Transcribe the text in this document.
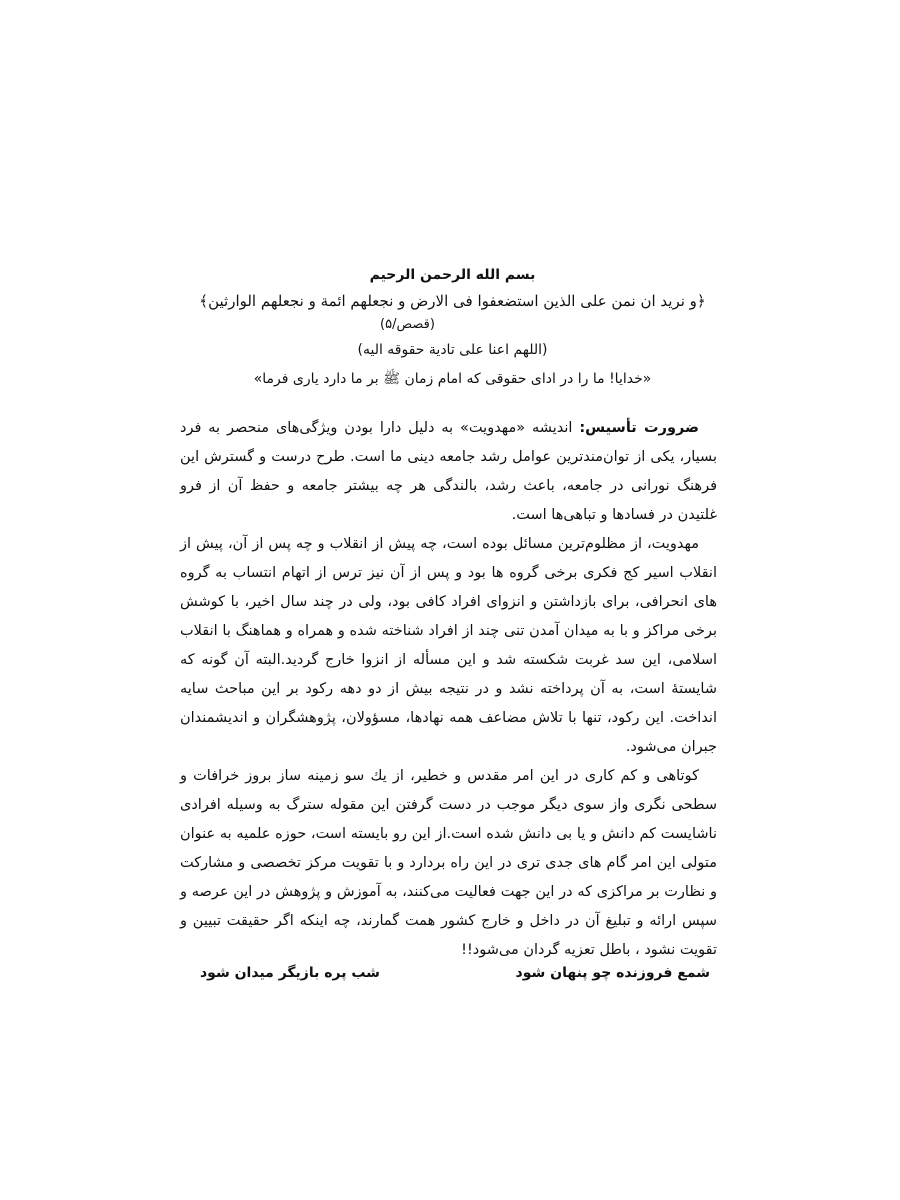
بسم الله الرحمن الرحيم
﴿و نريد ان نمن على الذين استضعفوا فى الارض و نجعلهم ائمة و نجعلهم الوارثين﴾
(قصص/۵)
(اللهم اعنا على تادية حقوقه اليه)
«خدايا! ما را در اداى حقوقى كه امام زمان ﷺ بر ما دارد يارى فرما»

ضرورت تأسيس: انديشه «مهدويت» به دليل دارا بودن ويژگى‌هاى منحصر به فرد بسيار، يكى از توان‌مندترين عوامل رشد جامعه دينى ما است. طرح درست و گسترش اين فرهنگ نورانى در جامعه، باعث رشد، بالندگى هر چه بيشتر جامعه و حفظ آن از فرو غلتيدن در فسادها و تباهى‌ها است.

مهدويت، از مظلوم‌ترين مسائل بوده است، چه پيش از انقلاب و چه پس از آن، پيش از انقلاب اسير كج فكرى برخى گروه ها بود و پس از آن نيز ترس از اتهام انتساب به گروه هاى انحرافى، براى بازداشتن و انزواى افراد كافى بود، ولى در چند سال اخير، با كوشش برخى مراكز و با به ميدان آمدن تنى چند از افراد شناخته شده و همراه و هماهنگ با انقلاب اسلامى، اين سد غربت شكسته شد و اين مسأله از انزوا خارج گرديد.البته آن گونه كه شايستهٔ است، به آن پرداخته نشد و در نتيجه بيش از دو دهه ركود بر اين مباحث سايه انداخت. اين ركود، تنها با تلاش مضاعف همه نهادها، مسؤولان، پژوهشگران و انديشمندان جبران مى‌شود.

كوتاهى و كم كارى در اين امر مقدس و خطير، از يك سو زمينه ساز بروز خرافات و سطحى نگرى واز سوى ديگر موجب در دست گرفتن اين مقوله سترگ به وسيله افرادى ناشايست كم دانش و يا بى دانش شده است.از اين رو بايسته است، حوزه علميه به عنوان متولى اين امر گام هاى جدى ترى در اين راه بردارد و با تقويت مركز تخصصى و مشاركت و نظارت بر مراكزى كه در اين جهت فعاليت مى‌كنند، به آموزش و پژوهش در اين عرصه و سپس ارائه و تبليغ آن در داخل و خارج كشور همت گمارند، چه اينكه اگر حقيقت تبيين و تقويت نشود ، باطل تعزيه گردان مى‌شود!!

شمع فروزنده چو پنهان شود
شب پره بازيگر ميدان شود
